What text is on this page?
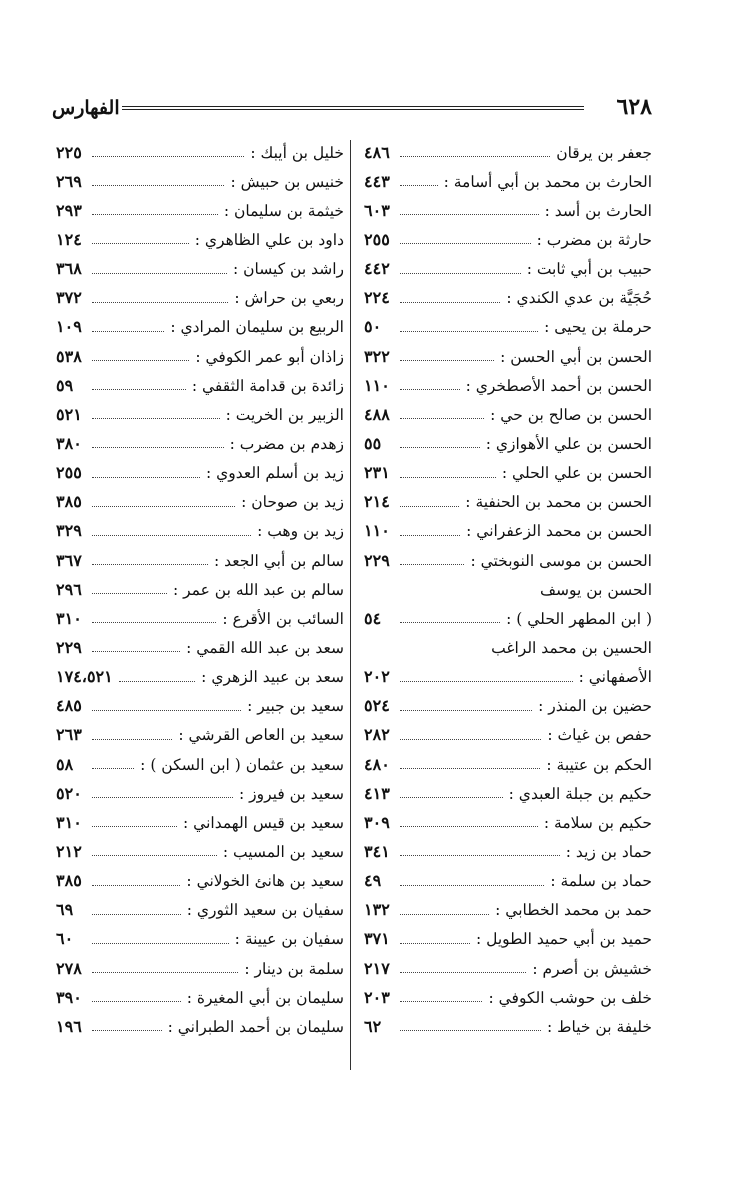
٦٢٨
الفهارس
جعفر بن يرقان
٤٨٦
الحارث بن محمد بن أبي أسامة :
٤٤٣
الحارث بن أسد :
٦٠٣
حارثة بن مضرب :
٢٥٥
حبيب بن أبي ثابت :
٤٤٢
حُجَيَّة بن عدي الكندي :
٢٢٤
حرملة بن يحيى :
٥٠
الحسن بن أبي الحسن :
٣٢٢
الحسن بن أحمد الأصطخري :
١١٠
الحسن بن صالح بن حي :
٤٨٨
الحسن بن علي الأهوازي :
٥٥
الحسن بن علي الحلي :
٢٣١
الحسن بن محمد بن الحنفية :
٢١٤
الحسن بن محمد الزعفراني :
١١٠
الحسن بن موسى النوبختي :
٢٢٩
الحسن بن يوسف
( ابن المطهر الحلي ) :
٥٤
الحسين بن محمد الراغب
الأصفهاني :
٢٠٢
حضين بن المنذر :
٥٢٤
حفص بن غياث :
٢٨٢
الحكم بن عتيبة :
٤٨٠
حكيم بن جبلة العبدي :
٤١٣
حكيم بن سلامة :
٣٠٩
حماد بن زيد :
٣٤١
حماد بن سلمة :
٤٩
حمد بن محمد الخطابي :
١٣٢
حميد بن أبي حميد الطويل :
٣٧١
خشيش بن أصرم :
٢١٧
خلف بن حوشب الكوفي :
٢٠٣
خليفة بن خياط :
٦٢
خليل بن أيبك :
٢٢٥
خنيس بن حبيش :
٢٦٩
خيثمة بن سليمان :
٢٩٣
داود بن علي الظاهري :
١٢٤
راشد بن كيسان :
٣٦٨
ربعي بن حراش :
٣٧٢
الربيع بن سليمان المرادي :
١٠٩
زاذان أبو عمر الكوفي :
٥٣٨
زائدة بن قدامة الثقفي :
٥٩
الزبير بن الخريت :
٥٢١
زهدم بن مضرب :
٣٨٠
زيد بن أسلم العدوي :
٢٥٥
زيد بن صوحان :
٣٨٥
زيد بن وهب :
٣٢٩
سالم بن أبي الجعد :
٣٦٧
سالم بن عبد الله بن عمر :
٢٩٦
السائب بن الأقرع :
٣١٠
سعد بن عبد الله القمي :
٢٢٩
سعد بن عبيد الزهري :
١٧٤،٥٢١
سعيد بن جبير :
٤٨٥
سعيد بن العاص القرشي :
٢٦٣
سعيد بن عثمان ( ابن السكن ) :
٥٨
سعيد بن فيروز :
٥٢٠
سعيد بن قيس الهمداني :
٣١٠
سعيد بن المسيب :
٢١٢
سعيد بن هانئ الخولاني :
٣٨٥
سفيان بن سعيد الثوري :
٦٩
سفيان بن عيينة :
٦٠
سلمة بن دينار :
٢٧٨
سليمان بن أبي المغيرة :
٣٩٠
سليمان بن أحمد الطبراني :
١٩٦
